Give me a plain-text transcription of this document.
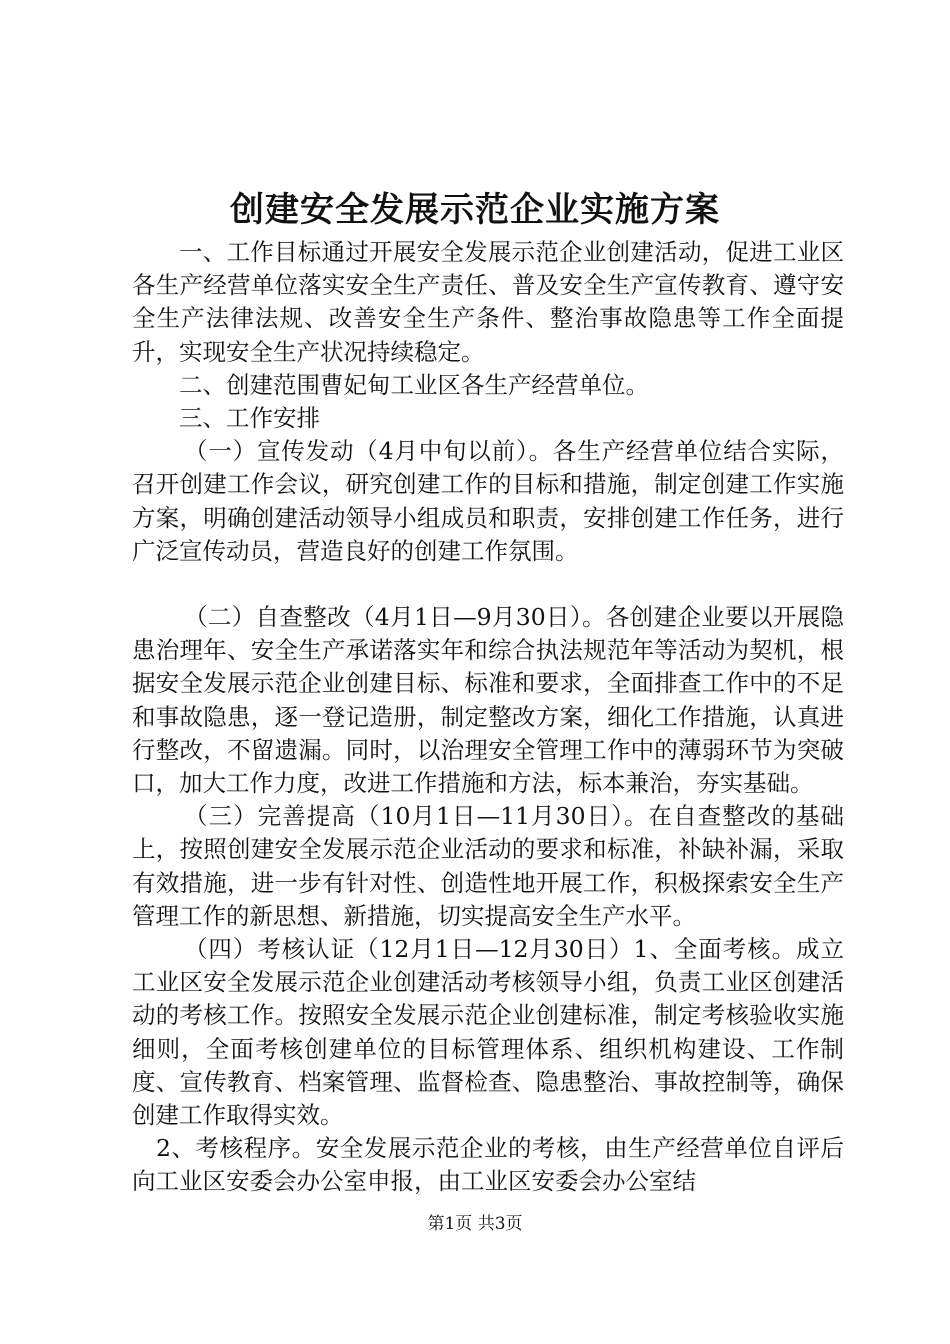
创建安全发展示范企业实施方案

一、工作目标通过开展安全发展示范企业创建活动，促进工业区各生产经营单位落实安全生产责任、普及安全生产宣传教育、遵守安全生产法律法规、改善安全生产条件、整治事故隐患等工作全面提升，实现安全生产状况持续稳定。

二、创建范围曹妃甸工业区各生产经营单位。

三、工作安排

（一）宣传发动（4月中旬以前）。各生产经营单位结合实际，召开创建工作会议，研究创建工作的目标和措施，制定创建工作实施方案，明确创建活动领导小组成员和职责，安排创建工作任务，进行广泛宣传动员，营造良好的创建工作氛围。

（二）自查整改（4月1日—9月30日）。各创建企业要以开展隐患治理年、安全生产承诺落实年和综合执法规范年等活动为契机，根据安全发展示范企业创建目标、标准和要求，全面排查工作中的不足和事故隐患，逐一登记造册，制定整改方案，细化工作措施，认真进行整改，不留遗漏。同时，以治理安全管理工作中的薄弱环节为突破口，加大工作力度，改进工作措施和方法，标本兼治，夯实基础。

（三）完善提高（10月1日—11月30日）。在自查整改的基础上，按照创建安全发展示范企业活动的要求和标准，补缺补漏，采取有效措施，进一步有针对性、创造性地开展工作，积极探索安全生产管理工作的新思想、新措施，切实提高安全生产水平。

（四）考核认证（12月1日—12月30日）1、全面考核。成立工业区安全发展示范企业创建活动考核领导小组，负责工业区创建活动的考核工作。按照安全发展示范企业创建标准，制定考核验收实施细则，全面考核创建单位的目标管理体系、组织机构建设、工作制度、宣传教育、档案管理、监督检查、隐患整治、事故控制等，确保创建工作取得实效。

2、考核程序。安全发展示范企业的考核，由生产经营单位自评后向工业区安委会办公室申报，由工业区安委会办公室结

第1页 共3页
